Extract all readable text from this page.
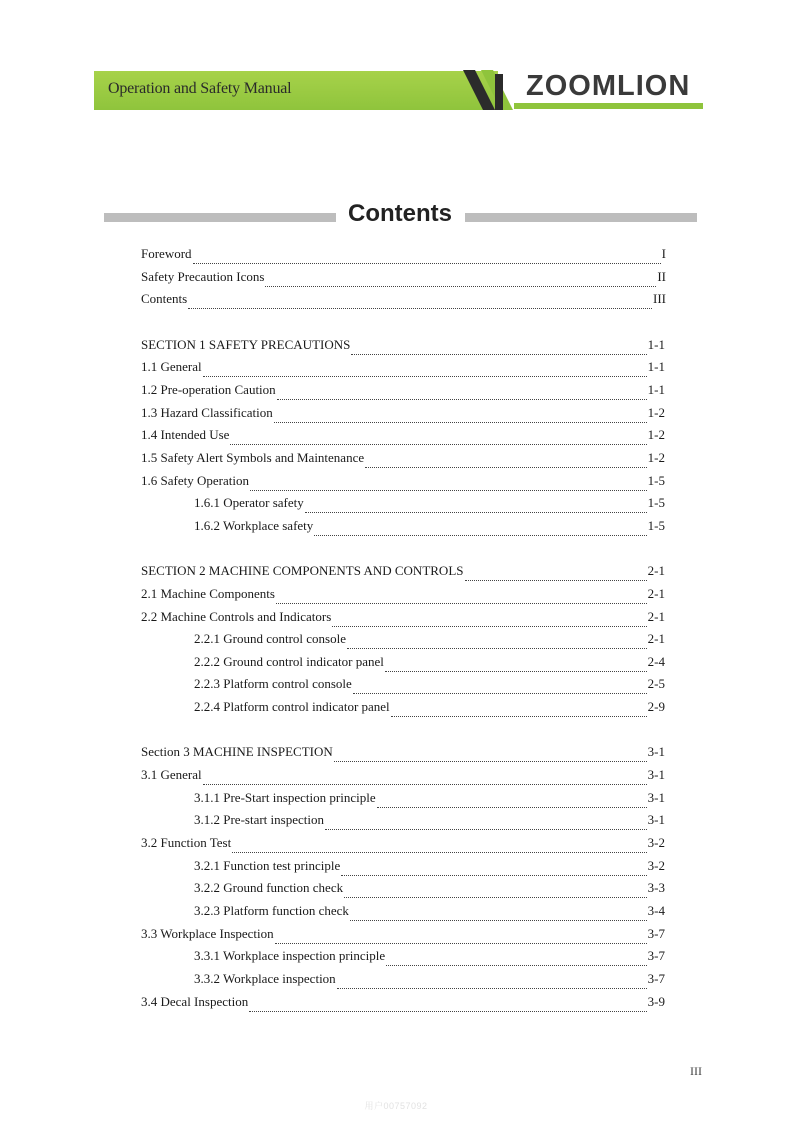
Operation and Safety Manual	ZOOMLION
Contents
Foreword	I
Safety Precaution Icons	II
Contents	III
SECTION 1 SAFETY PRECAUTIONS	1-1
1.1 General	1-1
1.2 Pre-operation Caution	1-1
1.3 Hazard Classification	1-2
1.4 Intended Use	1-2
1.5 Safety Alert Symbols and Maintenance	1-2
1.6 Safety Operation	1-5
1.6.1 Operator safety	1-5
1.6.2 Workplace safety	1-5
SECTION 2 MACHINE COMPONENTS AND CONTROLS	2-1
2.1 Machine Components	2-1
2.2 Machine Controls and Indicators	2-1
2.2.1 Ground control console	2-1
2.2.2 Ground control indicator panel	2-4
2.2.3 Platform control console	2-5
2.2.4 Platform control indicator panel	2-9
Section 3 MACHINE INSPECTION	3-1
3.1 General	3-1
3.1.1 Pre-Start inspection principle	3-1
3.1.2 Pre-start inspection	3-1
3.2 Function Test	3-2
3.2.1 Function test principle	3-2
3.2.2 Ground function check	3-3
3.2.3 Platform function check	3-4
3.3 Workplace Inspection	3-7
3.3.1 Workplace inspection principle	3-7
3.3.2 Workplace inspection	3-7
3.4 Decal Inspection	3-9
III
用户00757092
